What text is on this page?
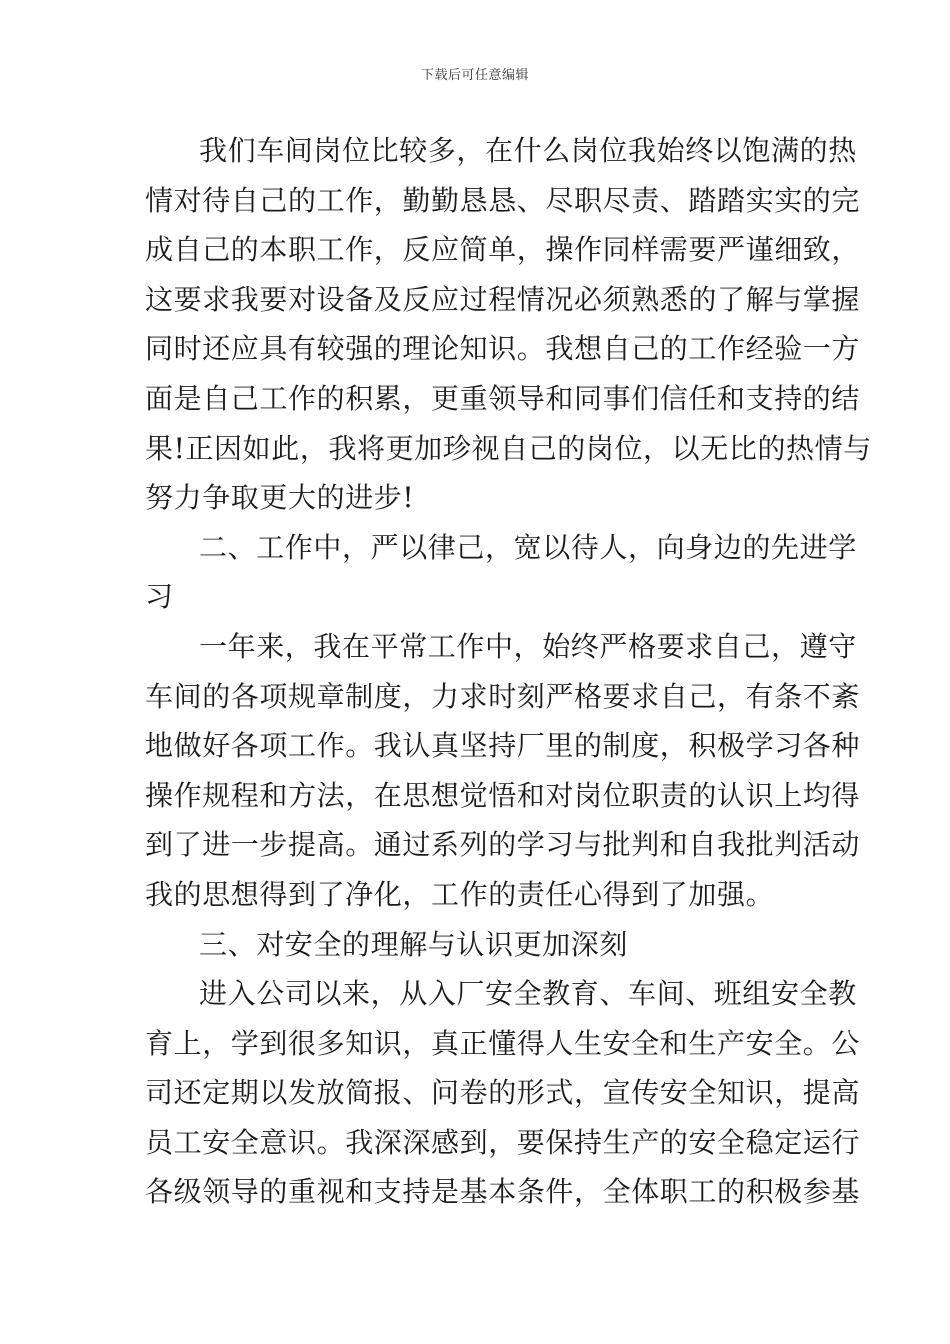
下载后可任意编辑
我们车间岗位比较多，在什么岗位我始终以饱满的热
情对待自己的工作，勤勤恳恳、尽职尽责、踏踏实实的完
成自己的本职工作，反应简单，操作同样需要严谨细致，
这要求我要对设备及反应过程情况必须熟悉的了解与掌握
同时还应具有较强的理论知识。我想自己的工作经验一方
面是自己工作的积累，更重领导和同事们信任和支持的结
果!正因如此，我将更加珍视自己的岗位，以无比的热情与
努力争取更大的进步!
二、工作中，严以律己，宽以待人，向身边的先进学
习
一年来，我在平常工作中，始终严格要求自己，遵守
车间的各项规章制度，力求时刻严格要求自己，有条不紊
地做好各项工作。我认真坚持厂里的制度，积极学习各种
操作规程和方法，在思想觉悟和对岗位职责的认识上均得
到了进一步提高。通过系列的学习与批判和自我批判活动
我的思想得到了净化，工作的责任心得到了加强。
三、对安全的理解与认识更加深刻
进入公司以来，从入厂安全教育、车间、班组安全教
育上，学到很多知识，真正懂得人生安全和生产安全。公
司还定期以发放简报、问卷的形式，宣传安全知识，提高
员工安全意识。我深深感到，要保持生产的安全稳定运行
各级领导的重视和支持是基本条件，全体职工的积极参基
